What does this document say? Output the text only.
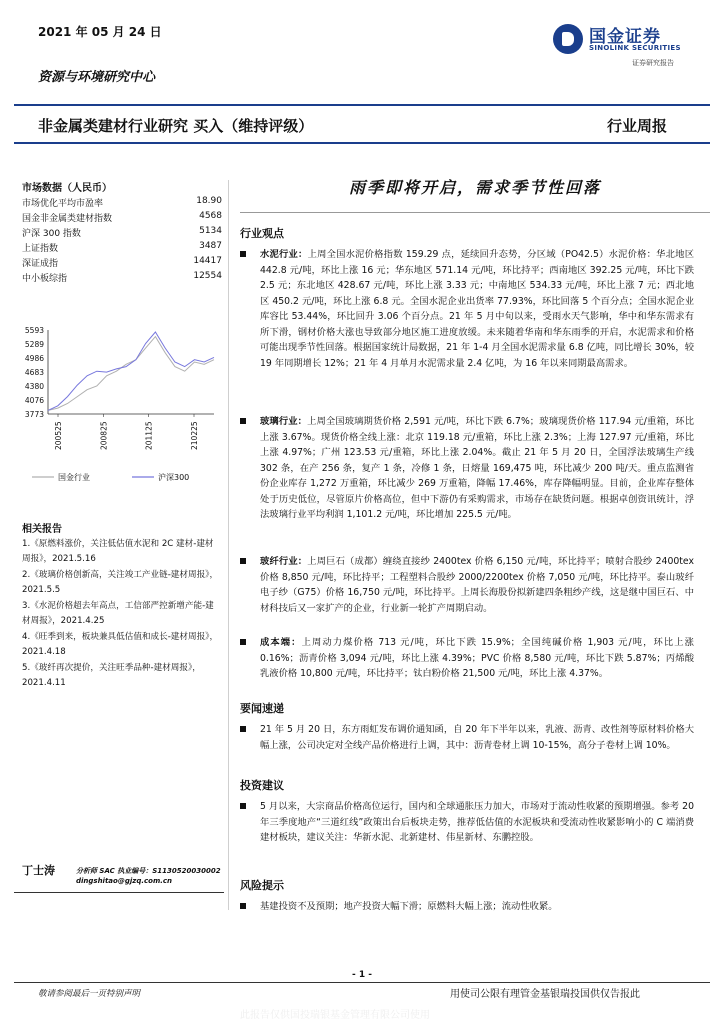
2021 年 05 月 24 日	国金证券
SINOLINK SECURITIES
证券研究报告
资源与环境研究中心
非金属类建材行业研究 买入（维持评级）	行业周报
市场数据（人民币）
市场优化平均市盈率	18.90
国金非金属类建材指数	4568
沪深 300 指数	5134
上证指数	3487
深证成指	14417
中小板综指	12554
5593
5289
4986
4683
4380
4076
3773
200525	200825	201125	210225
国金行业	沪深300
相关报告
1.《原燃料涨价，关注低估值水泥和 2C 建材-建材周报》，2021.5.16
2.《玻璃价格创新高，关注竣工产业链-建材周报》，2021.5.5
3.《水泥价格超去年高点，工信部严控新增产能-建材周报》，2021.4.25
4.《旺季到来，板块兼具低估值和成长-建材周报》，2021.4.18
5.《玻纤再次提价，关注旺季品种-建材周报》，2021.4.11
丁士涛	分析师 SAC 执业编号：S1130520030002
dingshitao@gjzq.com.cn
雨季即将开启，需求季节性回落
行业观点
水泥行业：上周全国水泥价格指数 159.29 点，延续回升态势，分区域（PO42.5）水泥价格：华北地区 442.8 元/吨，环比上涨 16 元；华东地区 571.14 元/吨，环比持平；西南地区 392.25 元/吨，环比下跌 2.5 元；东北地区 428.67 元/吨，环比上涨 3.33 元；中南地区 534.33 元/吨，环比上涨 7 元；西北地区 450.2 元/吨，环比上涨 6.8 元。全国水泥企业出货率 77.93%，环比回落 5 个百分点；全国水泥企业库容比 53.44%，环比回升 3.06 个百分点。21 年 5 月中旬以来，受雨水天气影响，华中和华东需求有所下滑，钢材价格大涨也导致部分地区施工进度放缓。未来随着华南和华东雨季的开启，水泥需求和价格可能出现季节性回落。根据国家统计局数据，21 年 1-4 月全国水泥需求量 6.8 亿吨，同比增长 30%，较 19 年同期增长 12%；21 年 4 月单月水泥需求量 2.4 亿吨，为 16 年以来同期最高需求。
玻璃行业：上周全国玻璃期货价格 2,591 元/吨，环比下跌 6.7%；玻璃现货价格 117.94 元/重箱，环比上涨 3.67%。现货价格全线上涨：北京 119.18 元/重箱，环比上涨 2.3%；上海 127.97 元/重箱，环比上涨 4.97%；广州 123.53 元/重箱，环比上涨 2.04%。截止 21 年 5 月 20 日，全国浮法玻璃生产线 302 条，在产 256 条，复产 1 条，冷修 1 条，日熔量 169,475 吨，环比减少 200 吨/天。重点监测省份企业库存 1,272 万重箱，环比减少 269 万重箱，降幅 17.46%，库存降幅明显。目前，企业库存整体处于历史低位，尽管原片价格高位，但中下游仍有采购需求，市场存在缺货问题。根据卓创资讯统计，浮法玻璃行业平均利润 1,101.2 元/吨，环比增加 225.5 元/吨。
玻纤行业：上周巨石（成都）缠绕直接纱 2400tex 价格 6,150 元/吨，环比持平；喷射合股纱 2400tex 价格 8,850 元/吨，环比持平；工程塑料合股纱 2000/2200tex 价格 7,050 元/吨，环比持平。泰山玻纤电子纱（G75）价格 16,750 元/吨，环比持平。上周长海股份拟新建四条粗纱产线，这是继中国巨石、中材科技后又一家扩产的企业，行业新一轮扩产周期启动。
成本端：上周动力煤价格 713 元/吨，环比下跌 15.9%；全国纯碱价格 1,903 元/吨，环比上涨 0.16%；沥青价格 3,094 元/吨，环比上涨 4.39%；PVC 价格 8,580 元/吨，环比下跌 5.87%；丙烯酸乳液价格 10,800 元/吨，环比持平；钛白粉价格 21,500 元/吨，环比上涨 4.37%。
要闻速递
21 年 5 月 20 日，东方雨虹发布调价通知函，自 20 年下半年以来，乳液、沥青、改性剂等原材料价格大幅上涨，公司决定对全线产品价格进行上调，其中：沥青卷材上调 10-15%，高分子卷材上调 10%。
投资建议
5 月以来，大宗商品价格高位运行，国内和全球通胀压力加大，市场对于流动性收紧的预期增强。参考 20 年三季度地产“三道红线”政策出台后板块走势，推荐低估值的水泥板块和受流动性收紧影响小的 C 端消费建材板块，建议关注：华新水泥、北新建材、伟星新材、东鹏控股。
风险提示
基建投资不及预期；地产投资大幅下滑；原燃料大幅上涨；流动性收紧。
- 1 -
敬请参阅最后一页特别声明	用使司公限有理管金基银瑞投国供仅告报此
此报告仅供国投瑞银基金管理有限公司使用
